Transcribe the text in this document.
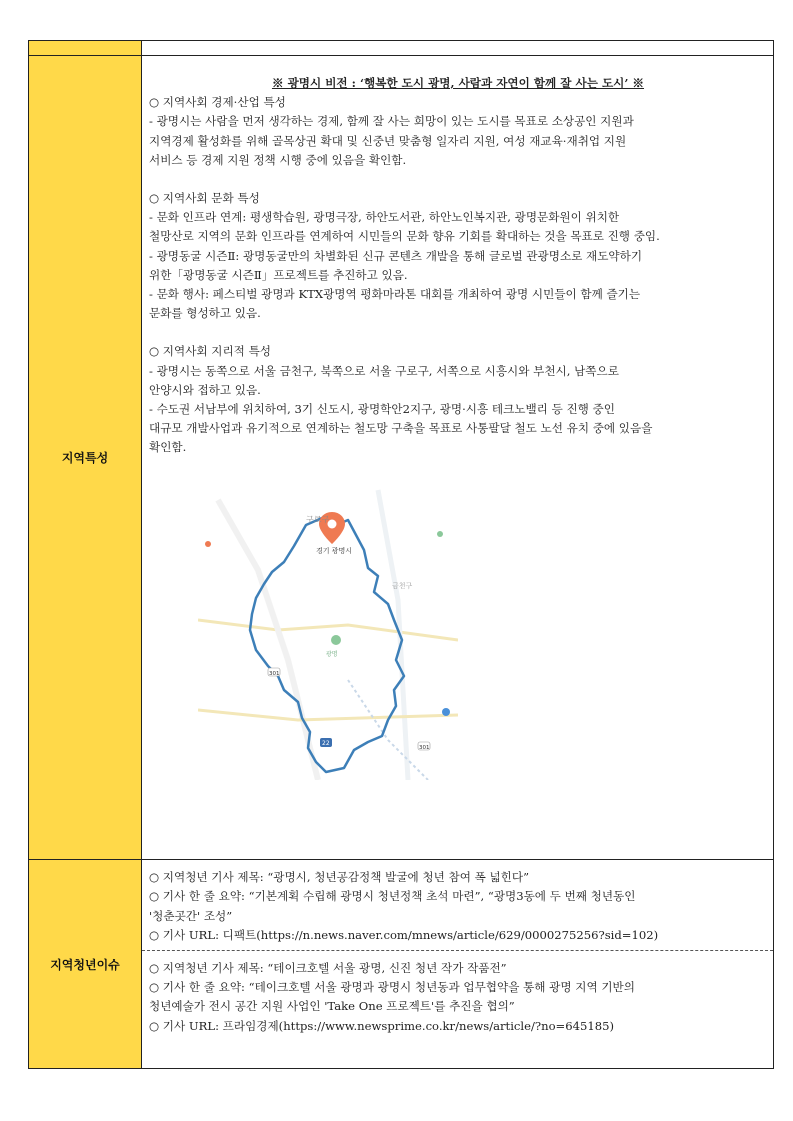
지역특성
※ 광명시 비전 : ‘행복한 도시 광명, 사람과 자연이 함께 잘 사는 도시’ ※
○ 지역사회 경제·산업 특성
- 광명시는 사람을 먼저 생각하는 경제, 함께 잘 사는 희망이 있는 도시를 목표로 소상공인 지원과
지역경제 활성화를 위해 골목상권 확대 및 신중년 맞춤형 일자리 지원, 여성 재교육·재취업 지원
서비스 등 경제 지원 정책 시행 중에 있음을 확인함.
○ 지역사회 문화 특성
- 문화 인프라 연계: 평생학습원, 광명극장, 하안도서관, 하안노인복지관, 광명문화원이 위치한
철망산로 지역의 문화 인프라를 연계하여 시민들의 문화 향유 기회를 확대하는 것을 목표로 진행 중임.
- 광명동굴 시즌Ⅱ: 광명동굴만의 차별화된 신규 콘텐츠 개발을 통해 글로벌 관광명소로 재도약하기
위한「광명동굴 시즌Ⅱ」프로젝트를 추진하고 있음.
- 문화 행사: 페스티벌 광명과 KTX광명역 평화마라톤 대회를 개최하여 광명 시민들이 함께 즐기는
문화를 형성하고 있음.
○ 지역사회 지리적 특성
- 광명시는 동쪽으로 서울 금천구, 북쪽으로 서울 구로구, 서쪽으로 시흥시와 부천시, 남쪽으로
안양시와 접하고 있음.
- 수도권 서남부에 위치하여, 3기 신도시, 광명학안2지구, 광명·시흥 테크노밸리 등 진행 중인
대규모 개발사업과 유기적으로 연계하는 철도망 구축을 목표로 사통팔달 철도 노선 유치 중에 있음을
확인함.
경기 광명시
구로구
금천구
광명
301
301
22
지역청년이슈
○ 지역청년 기사 제목: “광명시, 청년공감정책 발굴에 청년 참여 폭 넓힌다”
○ 기사 한 줄 요약: “기본계획 수립해 광명시 청년정책 초석 마련”, “광명3동에 두 번째 청년동인
'청춘곳간' 조성”
○ 기사 URL: 디팩트(https://n.news.naver.com/mnews/article/629/0000275256?sid=102)
○ 지역청년 기사 제목: “테이크호텔 서울 광명, 신진 청년 작가 작품전”
○ 기사 한 줄 요약: “테이크호텔 서울 광명과 광명시 청년동과 업무협약을 통해 광명 지역 기반의
청년예술가 전시 공간 지원 사업인 'Take One 프로젝트'를 추진을 협의”
○ 기사 URL: 프라임경제(https://www.newsprime.co.kr/news/article/?no=645185)
